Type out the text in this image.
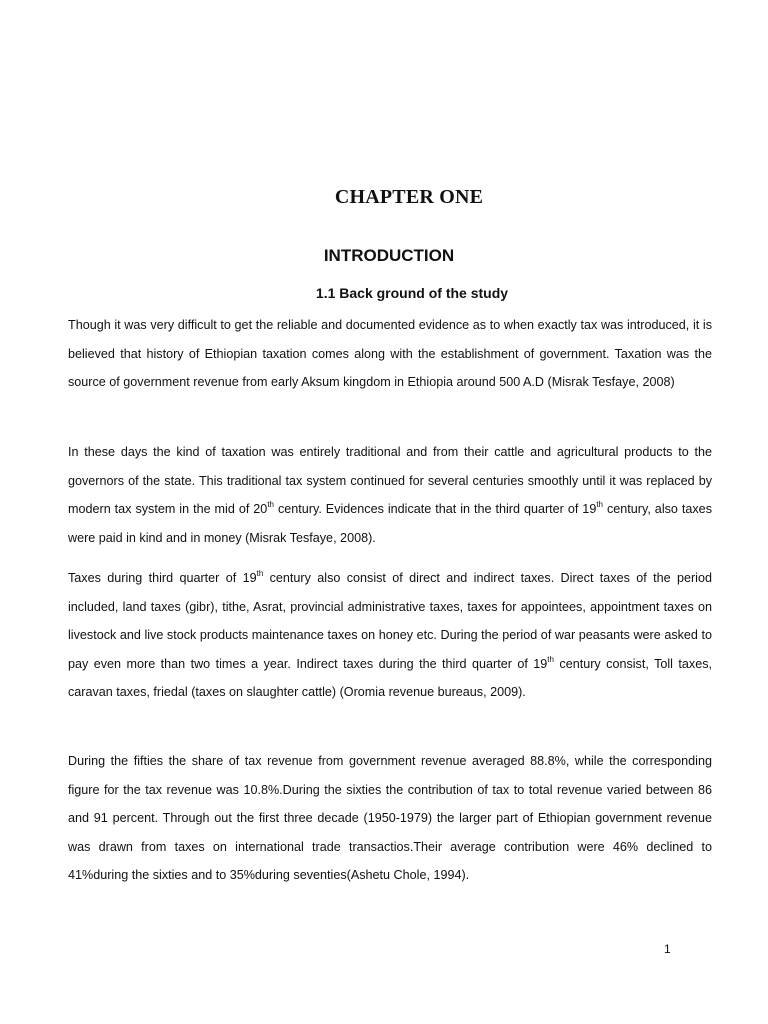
CHAPTER ONE
INTRODUCTION
1.1 Back ground of the study

Though it was very difficult to get the reliable and documented evidence as to when exactly tax was introduced, it is believed that history of Ethiopian taxation comes along with the establishment of government. Taxation was the source of government revenue from early Aksum kingdom in Ethiopia around 500 A.D (Misrak Tesfaye, 2008)

In these days the kind of taxation was entirely traditional and from their cattle and agricultural products to the governors of the state. This traditional tax system continued for several centuries smoothly until it was replaced by modern tax system in the mid of 20th century. Evidences indicate that in the third quarter of 19th century, also taxes were paid in kind and in money (Misrak Tesfaye, 2008).

Taxes during third quarter of 19th century also consist of direct and indirect taxes. Direct taxes of the period included, land taxes (gibr), tithe, Asrat, provincial administrative taxes, taxes for appointees, appointment taxes on livestock and live stock products maintenance taxes on honey etc. During the period of war peasants were asked to pay even more than two times a year. Indirect taxes during the third quarter of 19th century consist, Toll taxes, caravan taxes, friedal (taxes on slaughter cattle) (Oromia revenue bureaus, 2009).

During the fifties the share of tax revenue from government revenue averaged 88.8%, while the corresponding figure for the tax revenue was 10.8%.During the sixties the contribution of tax to total revenue varied between 86 and 91 percent. Through out the first three decade (1950-1979) the larger part of Ethiopian government revenue was drawn from taxes on international trade transactios.Their average contribution were 46% declined to 41%during the sixties and to 35%during seventies(Ashetu Chole, 1994).

1
